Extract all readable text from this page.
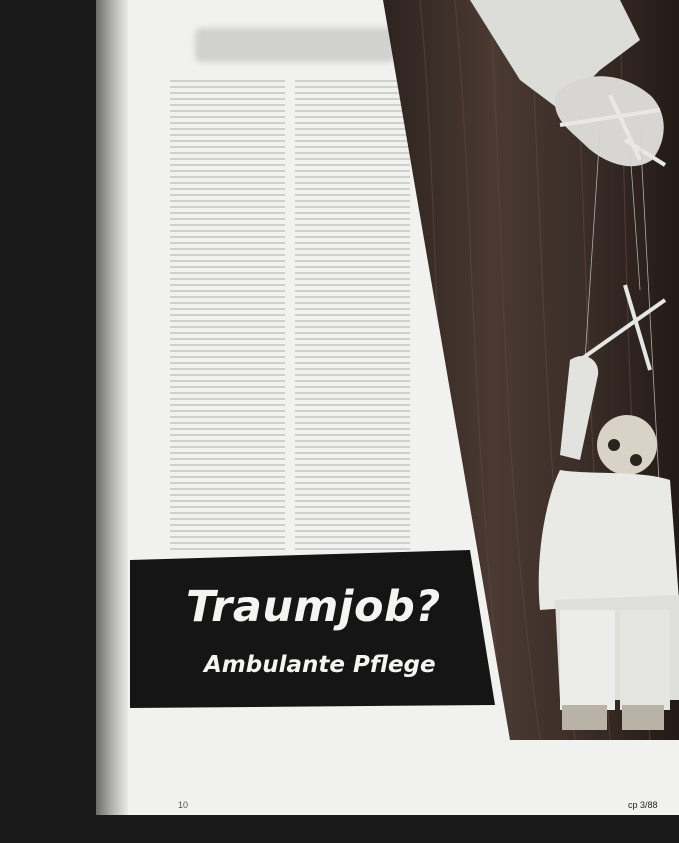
Traumjob?
Ambulante Pflege
10	cp 3/88
